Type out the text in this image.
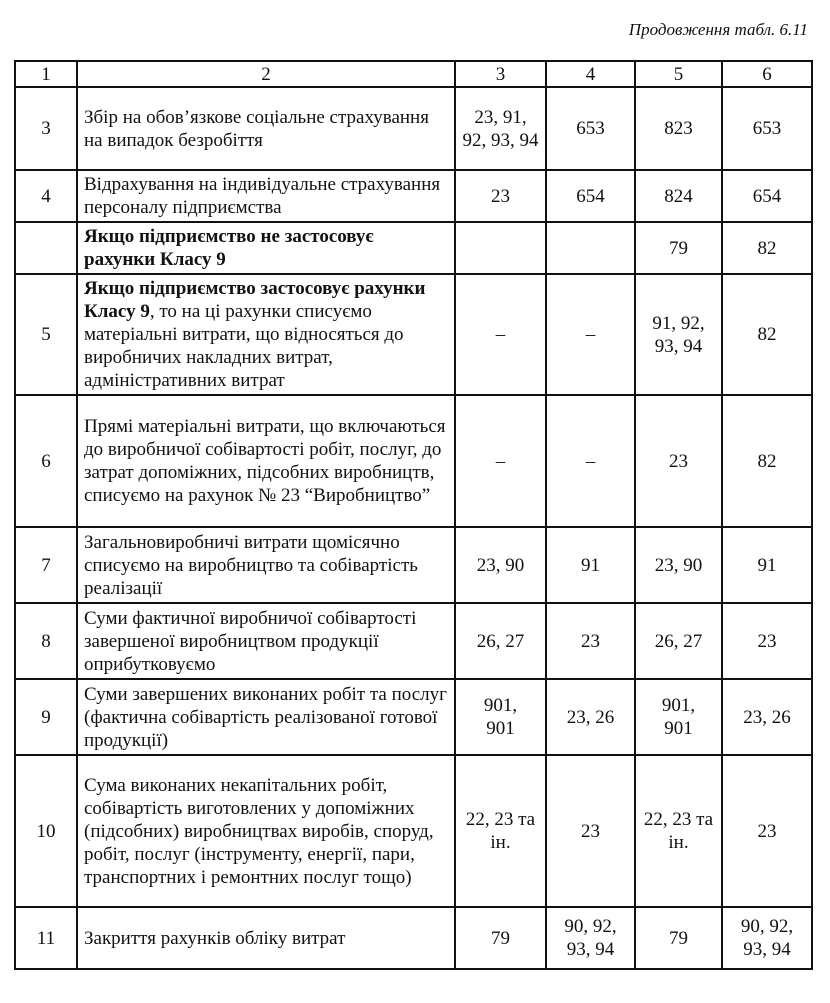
Продовження табл. 6.11
1	2	3	4	5	6
3	Збір на обов’язкове соціальне страхування на випадок безробіття	23, 91, 92, 93, 94	653	823	653

4	Відрахування на індивідуальне страхування персоналу підприємства	23	654	824	654

	Якщо підприємство не застосовує рахунки Класу 9			79	82

5	Якщо підприємство застосовує рахунки Класу 9, то на ці рахунки списуємо матеріальні витрати, що відносяться до виробничих накладних витрат, адміністративних витрат	–	–	91, 92, 93, 94	82

6	Прямі матеріальні витрати, що включаються до виробничої собівартості робіт, послуг, до затрат допоміжних, підсобних виробництв, списуємо на рахунок № 23 “Виробництво”	–	–	23	82

7	Загальновиробничі витрати щомісячно списуємо на виробництво та собівартість реалізації	23, 90	91	23, 90	91

8	Суми фактичної виробничої собівартості завершеної виробництвом продукції оприбутковуємо	26, 27	23	26, 27	23

9	Суми завершених виконаних робіт та послуг (фактична собівартість реалізованої готової продукції)	901, 901	23, 26	901, 901	23, 26

10	Сума виконаних некапітальних робіт, собівартість виготовлених у допоміжних (підсобних) виробництвах виробів, споруд, робіт, послуг (інструменту, енергії, пари, транспортних і ремонтних послуг тощо)	22, 23 та ін.	23	22, 23 та ін.	23

11	Закриття рахунків обліку витрат	79	90, 92, 93, 94	79	90, 92, 93, 94
